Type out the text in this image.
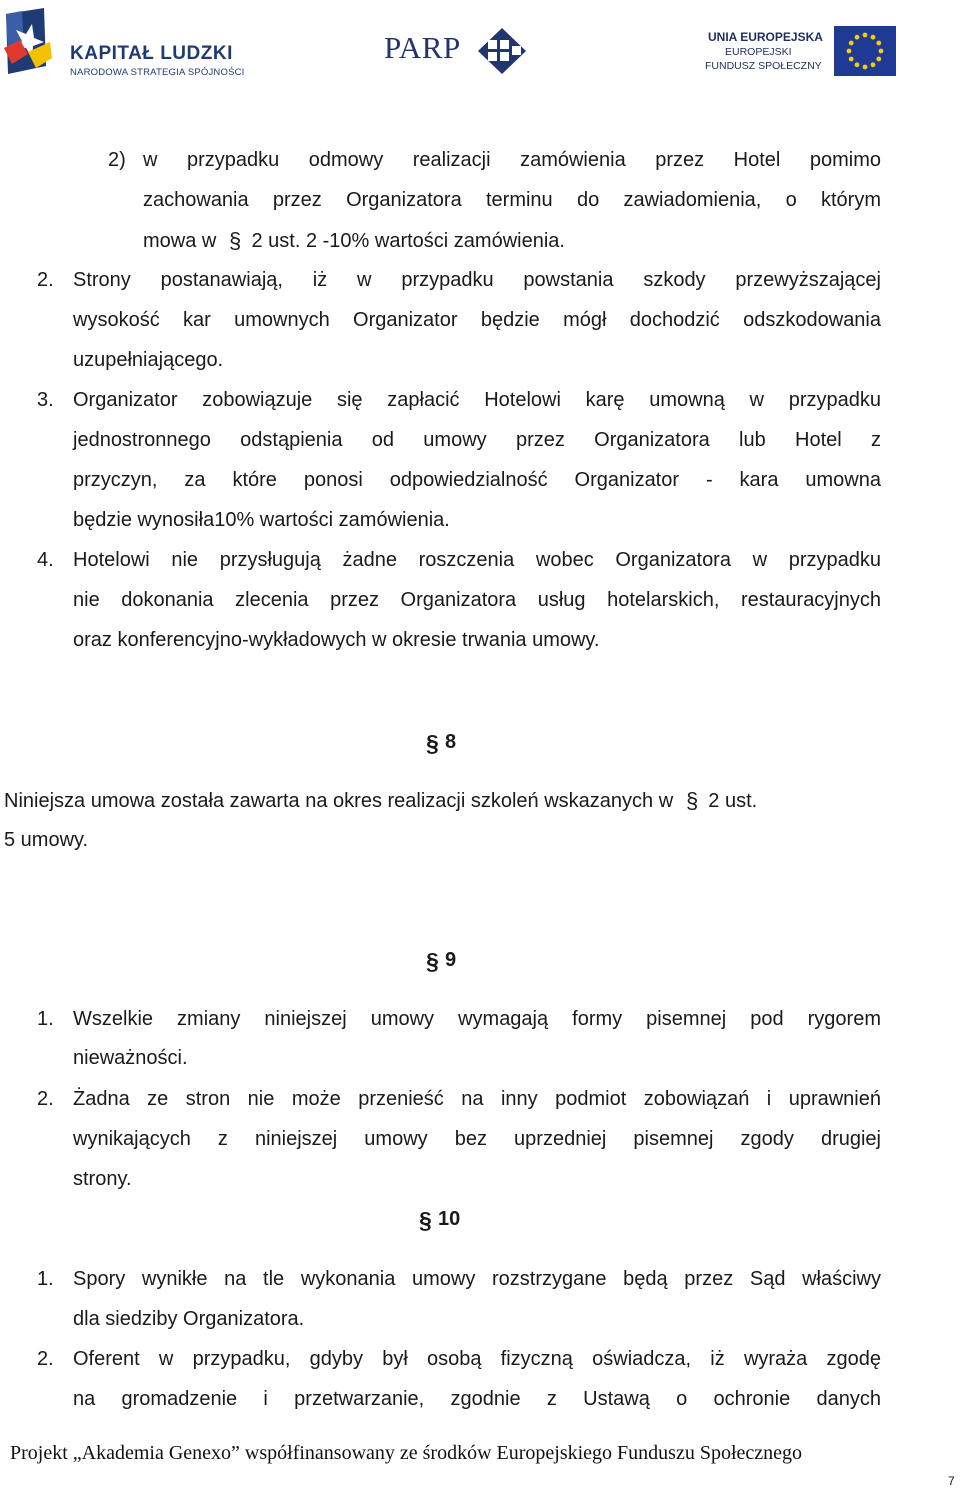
KAPITAŁ LUDZKI
NARODOWA STRATEGIA SPÓJNOŚCI
PARP	UNIA EUROPEJSKA
EUROPEJSKI
FUNDUSZ SPOŁECZNY
2) w przypadku odmowy realizacji zamówienia przez Hotel pomimo
zachowania przez Organizatora terminu do zawiadomienia, o którym
mowa w § 2 ust. 2 -10% wartości zamówienia.
2. Strony postanawiają, iż w przypadku powstania szkody przewyższającej
wysokość kar umownych Organizator będzie mógł dochodzić odszkodowania
uzupełniającego.
3. Organizator zobowiązuje się zapłacić Hotelowi karę umowną w przypadku
jednostronnego odstąpienia od umowy przez Organizatora lub Hotel z
przyczyn, za które ponosi odpowiedzialność Organizator - kara umowna
będzie wynosiła10% wartości zamówienia.
4. Hotelowi nie przysługują żadne roszczenia wobec Organizatora w przypadku
nie dokonania zlecenia przez Organizatora usług hotelarskich, restauracyjnych
oraz konferencyjno-wykładowych w okresie trwania umowy.
§ 8
Niniejsza umowa została zawarta na okres realizacji szkoleń wskazanych w § 2 ust.
5 umowy.
§ 9
1. Wszelkie zmiany niniejszej umowy wymagają formy pisemnej pod rygorem
nieważności.
2. Żadna ze stron nie może przenieść na inny podmiot zobowiązań i uprawnień
wynikających z niniejszej umowy bez uprzedniej pisemnej zgody drugiej
strony.
§ 10
1. Spory wynikłe na tle wykonania umowy rozstrzygane będą przez Sąd właściwy
dla siedziby Organizatora.
2. Oferent w przypadku, gdyby był osobą fizyczną oświadcza, iż wyraża zgodę
na gromadzenie i przetwarzanie, zgodnie z Ustawą o ochronie danych
Projekt „Akademia Genexo” współfinansowany ze środków Europejskiego Funduszu Społecznego
7
